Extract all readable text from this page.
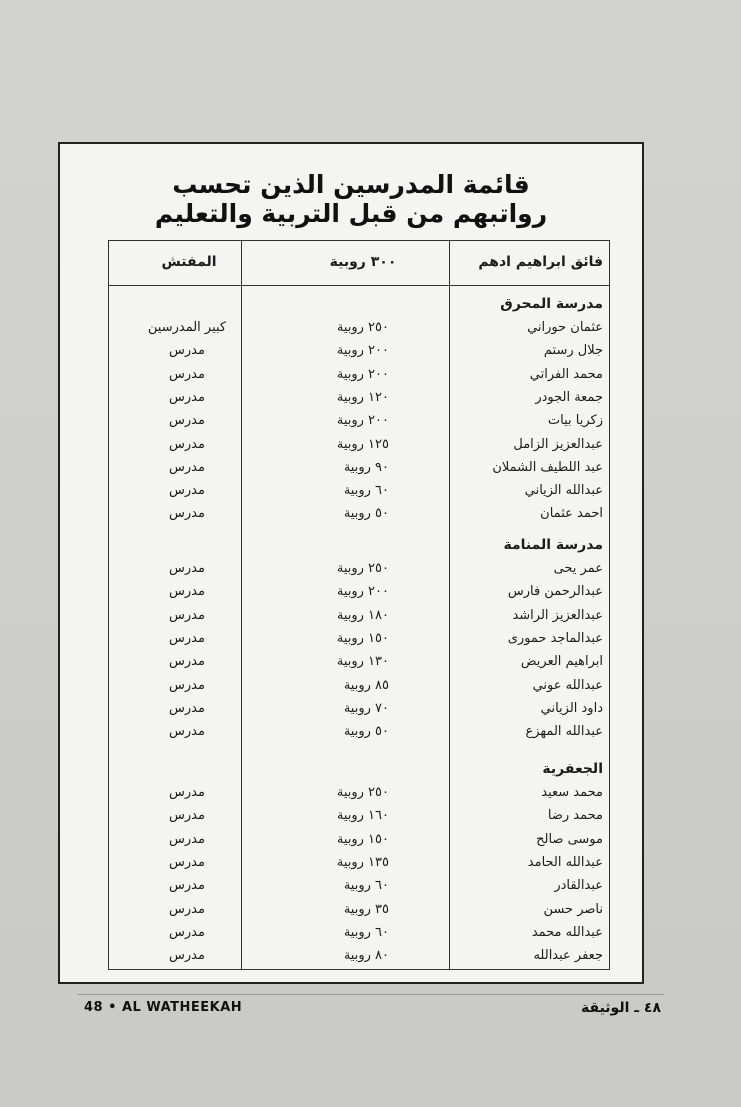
قائمة المدرسين الذين تحسب
رواتبهم من قبل التربية والتعليم
فائق ابراهيم ادهم
٣٠٠ روبية
المفتش
مدرسة المحرق
عثمان حوراني
٢٥٠ روبية
كبير المدرسين
جلال رستم
٢٠٠ روبية
مدرس
محمد الفراتي
٢٠٠ روبية
مدرس
جمعة الجودر
١٢٠ روبية
مدرس
زكريا بيات
٢٠٠ روبية
مدرس
عبدالعزيز الزامل
١٢٥ روبية
مدرس
عبد اللطيف الشملان
٩٠ روبية
مدرس
عبدالله الزياني
٦٠ روبية
مدرس
احمد عثمان
٥٠ روبية
مدرس
مدرسة المنامة
عمر يحى
٢٥٠ روبية
مدرس
عبدالرحمن فارس
٢٠٠ روبية
مدرس
عبدالعزيز الراشد
١٨٠ روبية
مدرس
عبدالماجد حمورى
١٥٠ روبية
مدرس
ابراهيم العريض
١٣٠ روبية
مدرس
عبدالله عوني
٨٥ روبية
مدرس
داود الزياني
٧٠ روبية
مدرس
عبدالله المهزع
٥٠ روبية
مدرس
الجعفرية
محمد سعيد
٢٥٠ روبية
مدرس
محمد رضا
١٦٠ روبية
مدرس
موسى صالح
١٥٠ روبية
مدرس
عبدالله الحامد
١٣٥ روبية
مدرس
عبدالقادر
٦٠ روبية
مدرس
ناصر حسن
٣٥ روبية
مدرس
عبدالله محمد
٦٠ روبية
مدرس
جعفر عبدالله
٨٠ روبية
مدرس
48 • AL WATHEEKAH	٤٨ ـ الوثيقة
